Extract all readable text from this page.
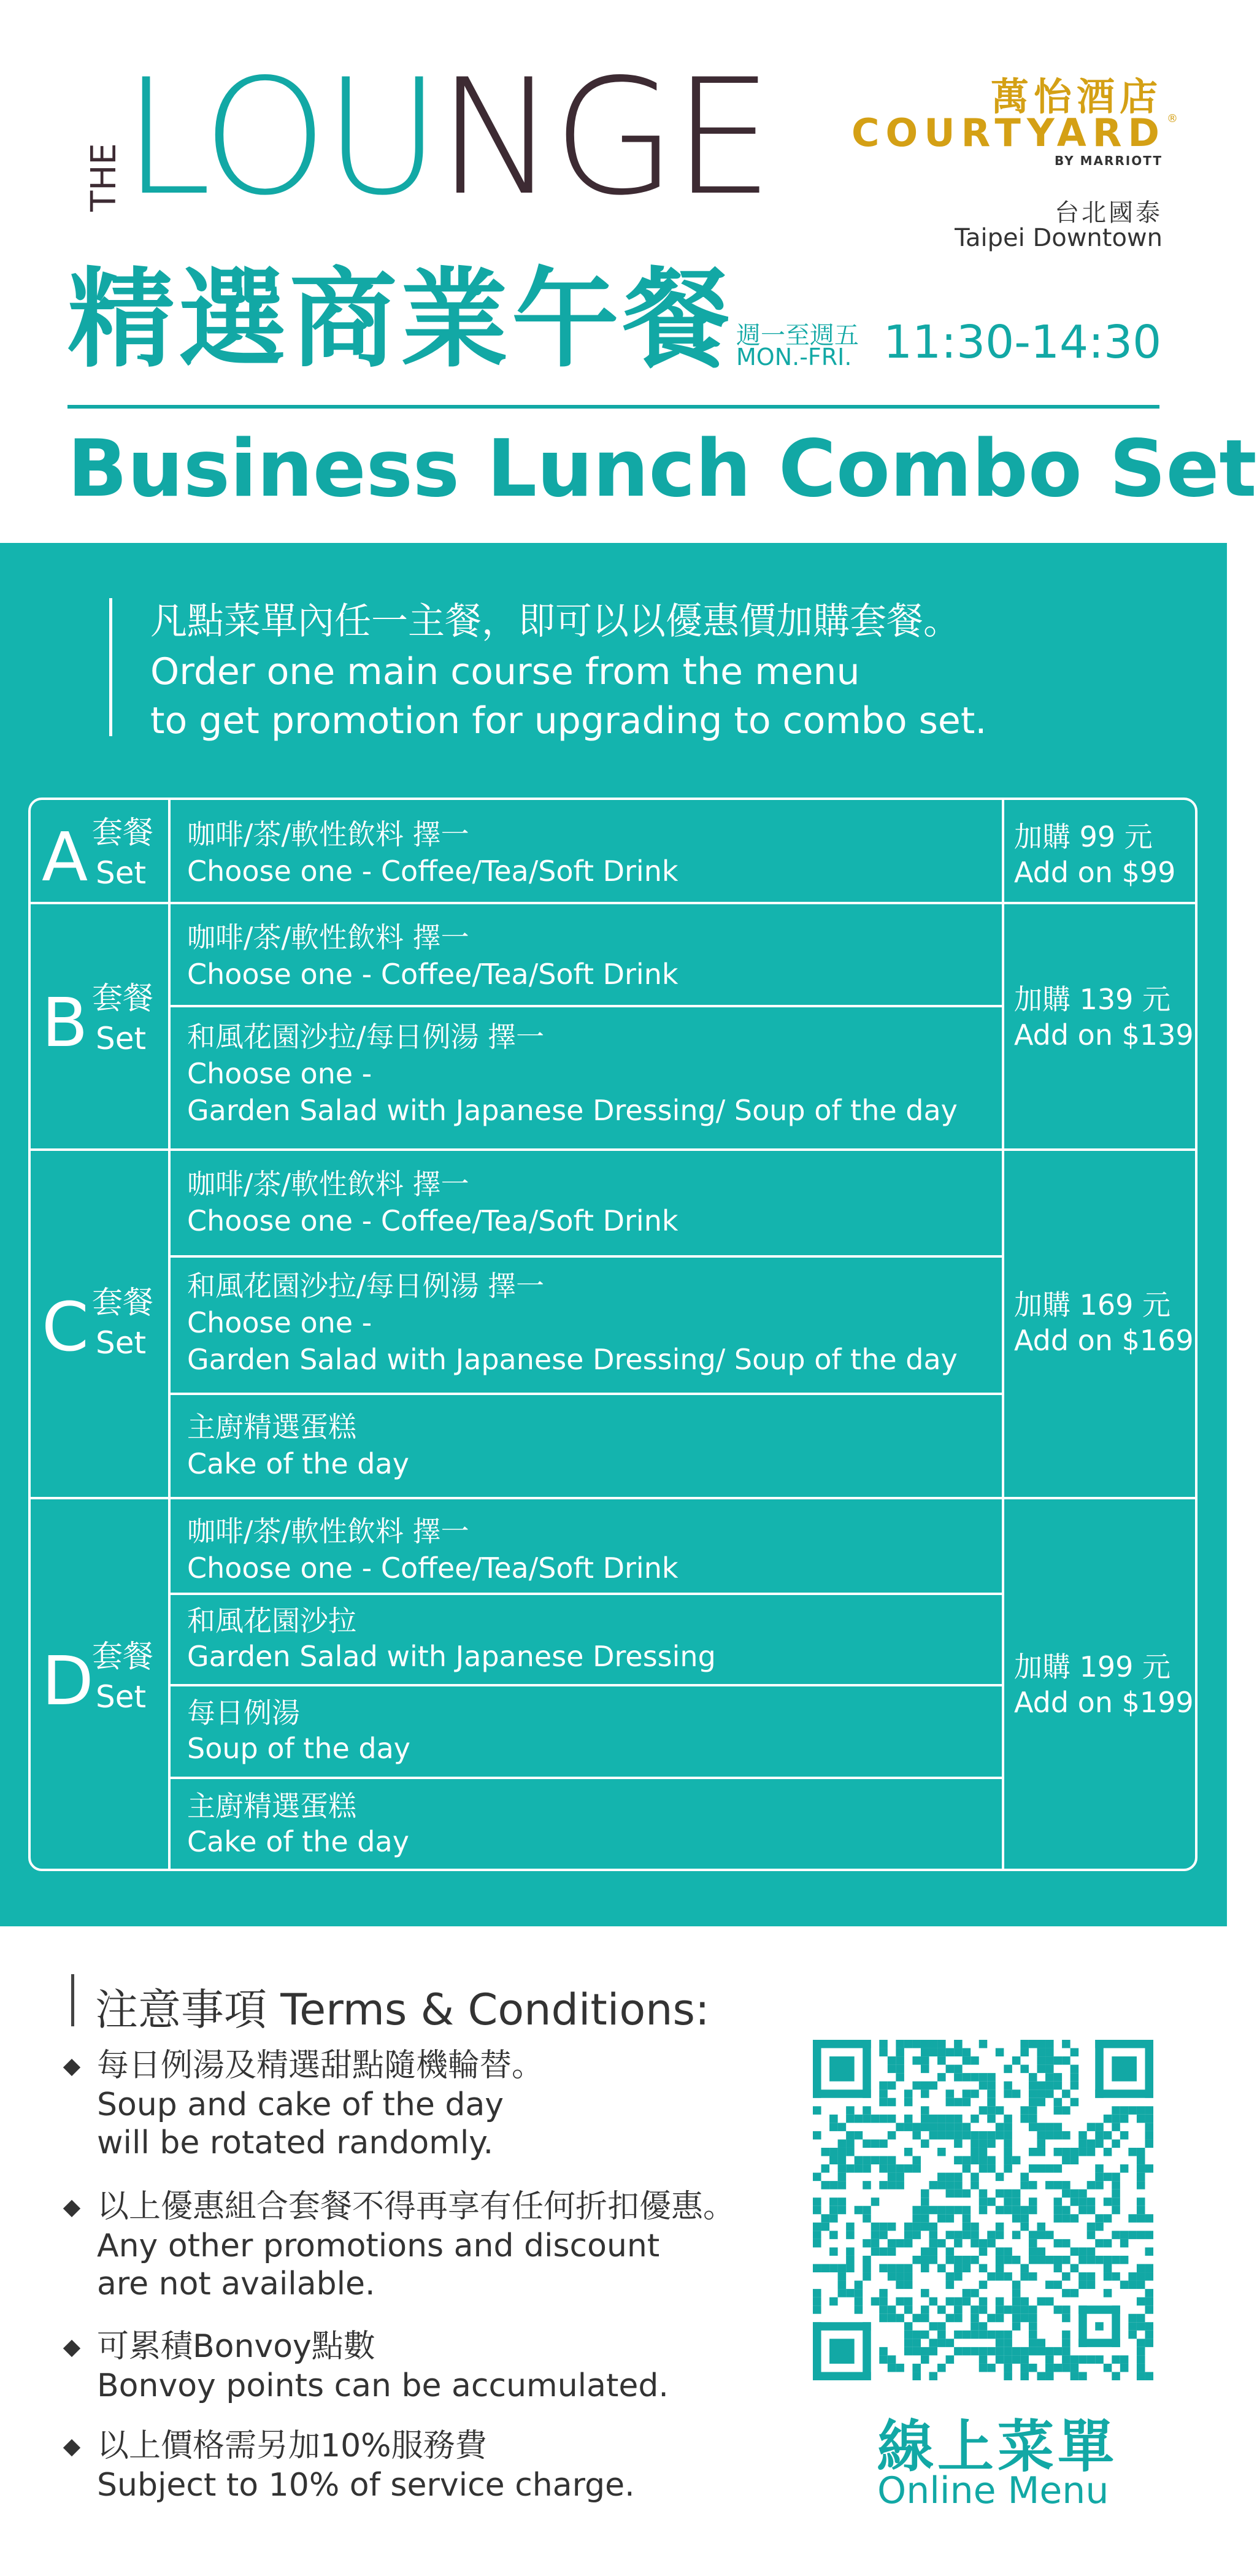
THE
LOUNGE	萬怡酒店
COURTYARD ®
BY MARRIOTT
台北國泰
Taipei Downtown
精選商業午餐 週一至週五
MON.-FRI. 11:30-14:30
Business Lunch Combo Set
凡點菜單內任一主餐，即可以以優惠價加購套餐。
Order one main course from the menu
to get promotion for upgrading to combo set.
A 套餐
Set
咖啡/茶/軟性飲料 擇一
Choose one - Coffee/Tea/Soft Drink
加購 99 元
Add on $99
B 套餐
Set
咖啡/茶/軟性飲料 擇一
Choose one - Coffee/Tea/Soft Drink
和風花園沙拉/每日例湯 擇一
Choose one -
Garden Salad with Japanese Dressing/ Soup of the day
加購 139 元
Add on $139
C 套餐
Set
咖啡/茶/軟性飲料 擇一
Choose one - Coffee/Tea/Soft Drink
和風花園沙拉/每日例湯 擇一
Choose one -
Garden Salad with Japanese Dressing/ Soup of the day
主廚精選蛋糕
Cake of the day
加購 169 元
Add on $169
D
套餐
Set
咖啡/茶/軟性飲料 擇一
Choose one - Coffee/Tea/Soft Drink
和風花園沙拉
Garden Salad with Japanese Dressing
每日例湯
Soup of the day
主廚精選蛋糕
Cake of the day
加購 199 元
Add on $199
注意事項 Terms & Conditions:
每日例湯及精選甜點隨機輪替。
Soup and cake of the day
will be rotated randomly.
以上優惠組合套餐不得再享有任何折扣優惠。
Any other promotions and discount
are not available.
可累積Bonvoy點數
Bonvoy points can be accumulated.
以上價格需另加10%服務費
Subject to 10% of service charge.
線上菜單
Online Menu
